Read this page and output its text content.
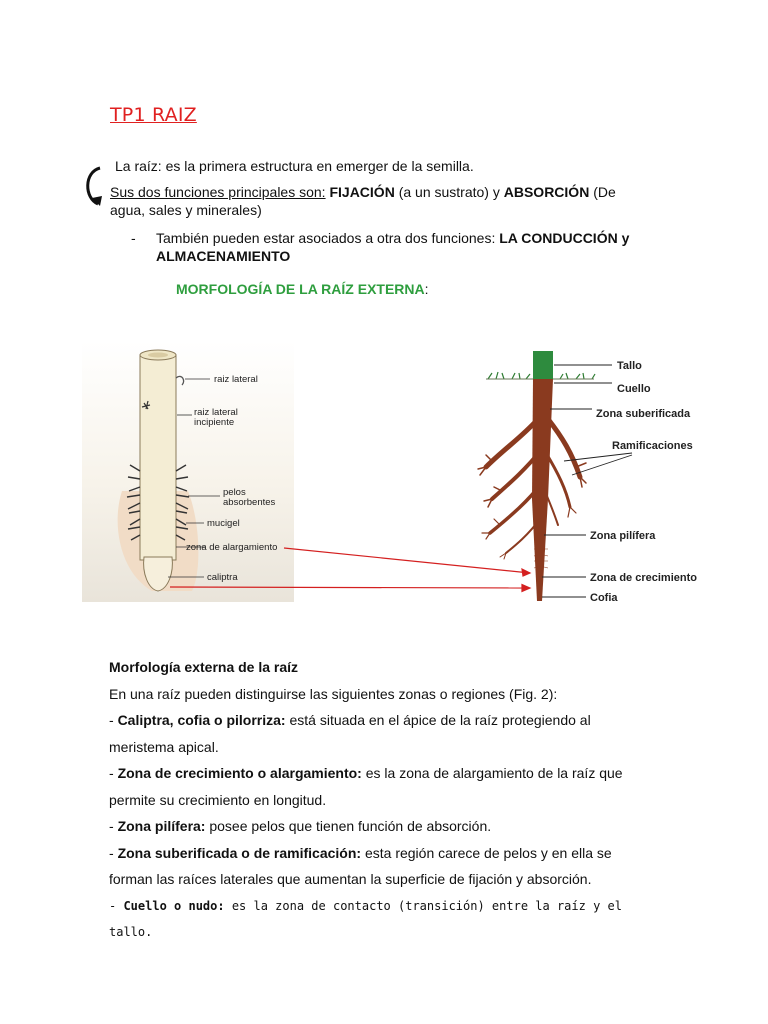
TP1 RAIZ
La raíz: es la primera estructura en emerger de la semilla.
Sus dos funciones principales son: FIJACIÓN (a un sustrato) y ABSORCIÓN (De
agua, sales y minerales)
- También pueden estar asociados a otra dos funciones: LA CONDUCCIÓN y
ALMACENAMIENTO
MORFOLOGÍA DE LA RAÍZ EXTERNA:
raiz lateral
raiz lateral
incipiente
pelos
absorbentes
mucigel
zona de alargamiento
caliptra
Tallo
Cuello
Zona suberificada
Ramificaciones
Zona pilífera
Zona de crecimiento
Cofia
Morfología externa de la raíz
En una raíz pueden distinguirse las siguientes zonas o regiones (Fig. 2):
- Caliptra, cofia o pilorriza: está situada en el ápice de la raíz protegiendo al
meristema apical.
- Zona de crecimiento o alargamiento: es la zona de alargamiento de la raíz que
permite su crecimiento en longitud.
- Zona pilífera: posee pelos que tienen función de absorción.
- Zona suberificada o de ramificación: esta región carece de pelos y en ella se
forman las raíces laterales que aumentan la superficie de fijación y absorción.
- Cuello o nudo: es la zona de contacto (transición) entre la raíz y el tallo.
